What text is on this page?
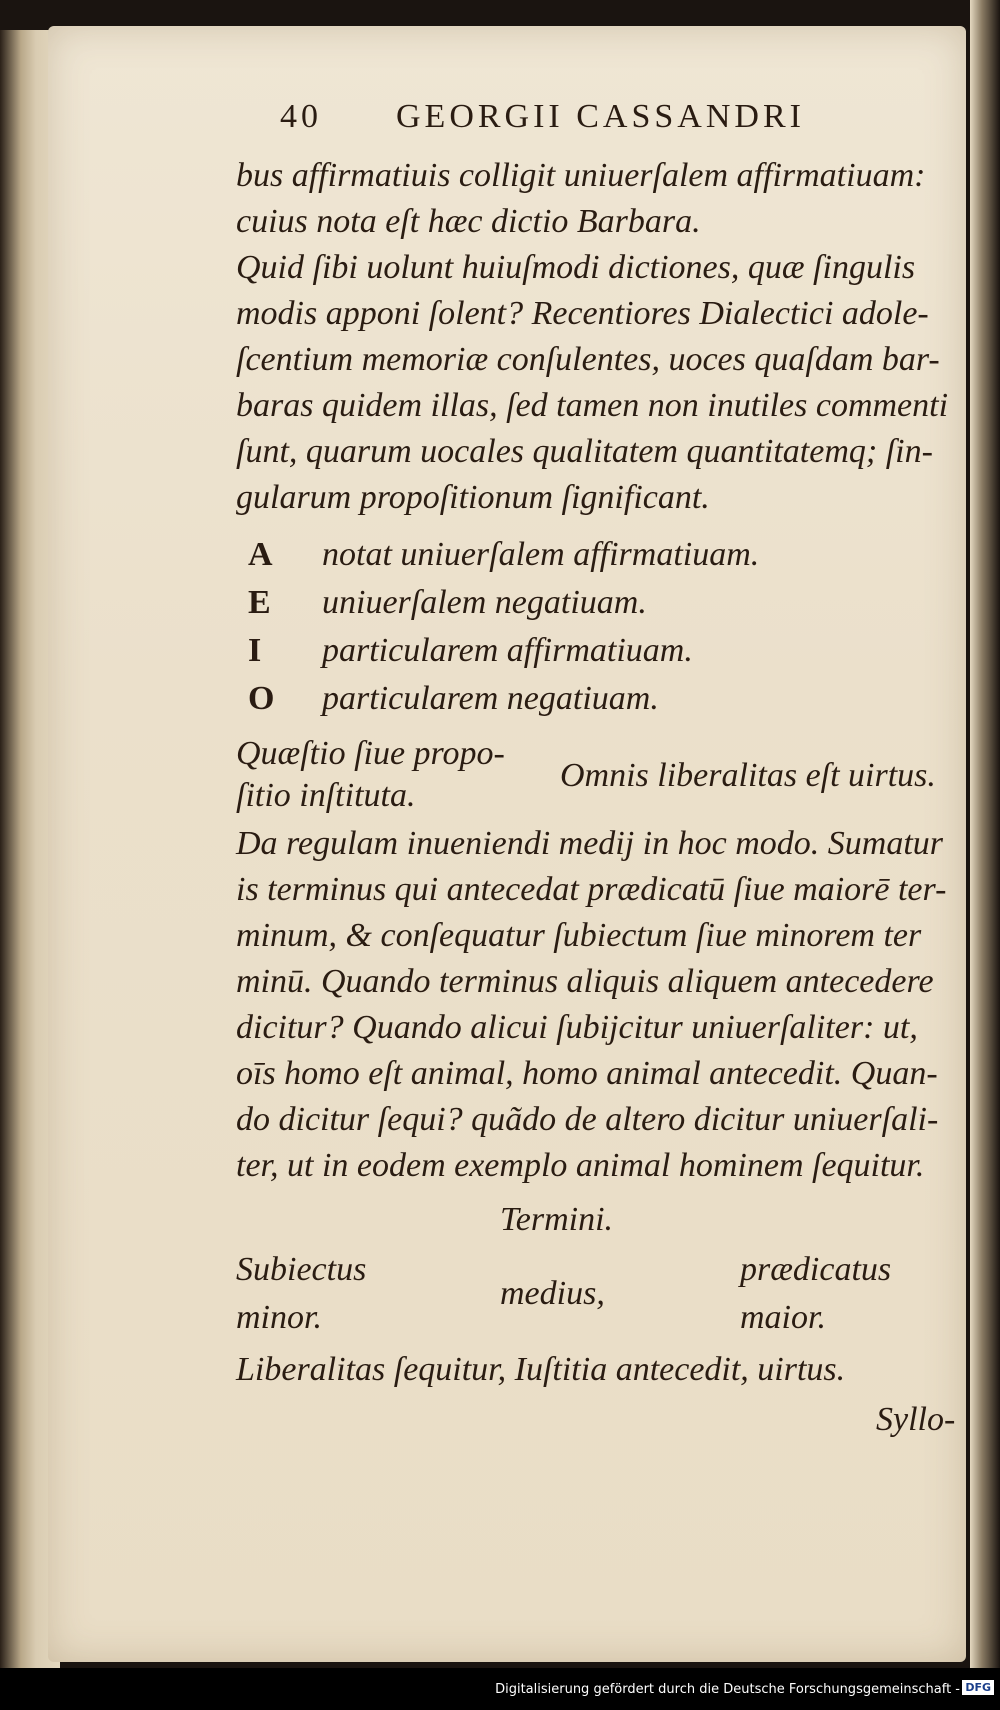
40 GEORGII CASSANDRI
bus affirmatiuis colligit uniuerſalem affirmatiuam:
cuius nota eſt hæc dictio Barbara.
Quid ſibi uolunt huiuſmodi dictiones, quæ ſingulis
modis apponi ſolent? Recentiores Dialectici adole-
ſcentium memoriæ conſulentes, uoces quaſdam bar-
baras quidem illas, ſed tamen non inutiles commenti
ſunt, quarum uocales qualitatem quantitatemq; ſin-
gularum propoſitionum ſignificant.
A notat uniuerſalem affirmatiuam.
E uniuerſalem negatiuam.
I particularem affirmatiuam.
O particularem negatiuam.
Quæſtio ſiue propo-
ſitio inſtituta.
Omnis liberalitas eſt uirtus.
Da regulam inueniendi medij in hoc modo. Sumatur
is terminus qui antecedat prædicatū ſiue maiorē ter-
minum, & conſequatur ſubiectum ſiue minorem ter
minū. Quando terminus aliquis aliquem antecedere
dicitur? Quando alicui ſubijcitur uniuerſaliter: ut,
oīs homo eſt animal, homo animal antecedit. Quan-
do dicitur ſequi? quãdo de altero dicitur uniuerſali-
ter, ut in eodem exemplo animal hominem ſequitur.
Termini.
Subiectus
minor.
medius,
prædicatus
maior.
Liberalitas ſequitur, Iuſtitia antecedit, uirtus.
Syllo-
Digitalisierung gefördert durch die Deutsche Forschungsgemeinschaft - DFG
